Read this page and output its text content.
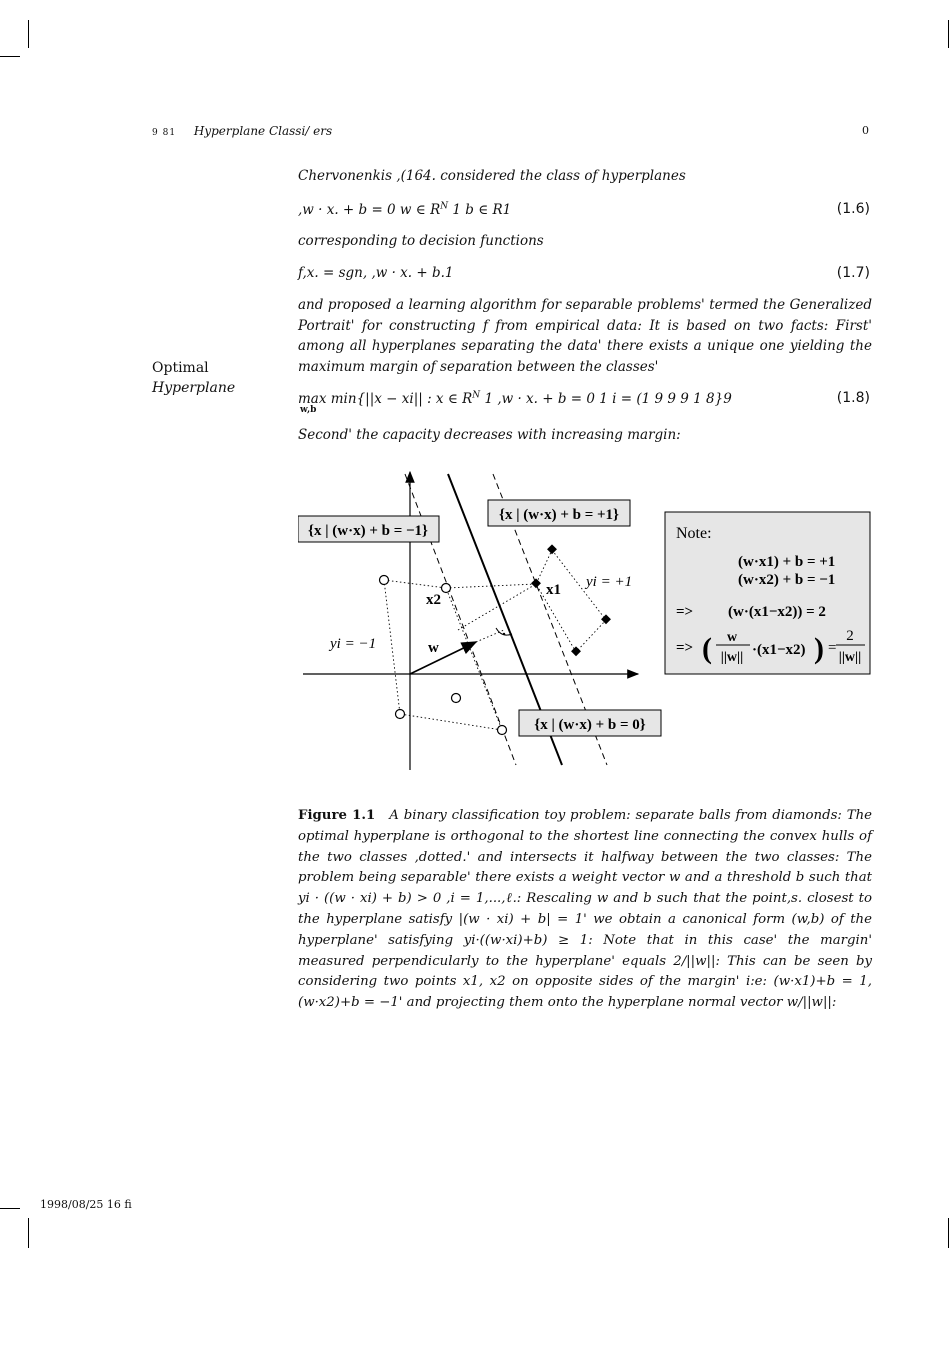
9 81 Hyperplane Classi/ ers	0
Chervonenkis ,(164. considered the class of hyperplanes
,w · x. + b = 0 w ∈ $R^N$ 1 b ∈ R1	(1.6)
corresponding to decision functions
f,x. = sgn, ,w · x. + b.1	(1.7)
and proposed a learning algorithm for separable problems' termed the Generalized Portrait' for constructing f from empirical data: It is based on two facts: First' among all hyperplanes separating the data' there exists a unique one yielding the maximum margin of separation between the classes'
Optimal
Hyperplane
max min{||x − xi|| : x ∈ $R^N$ 1 ,w · x. + b = 0 1 i = (1 9 9 9 1 8}9
w,b
(1.8)
Second' the capacity decreases with increasing margin:
{x | (w·x) + b = −1}
{x | (w·x) + b = +1}
{x | (w·x) + b = 0}
x1
x2
w
yi = +1
yi = −1
Note:
(w·x1) + b = +1
(w·x2) + b = −1
=> (w·(x1−x2)) = 2
=> ( w
||w|| ·(x1−x2) ) =
2
||w||
Figure 1.1 A binary classification toy problem: separate balls from diamonds: The optimal hyperplane is orthogonal to the shortest line connecting the convex hulls of the two classes ,dotted.' and intersects it halfway between the two classes: The problem being separable' there exists a weight vector w and a threshold b such that yi · ((w · xi) + b) > 0 ,i = 1,...,ℓ.: Rescaling w and b such that the point,s. closest to the hyperplane satisfy |(w · xi) + b| = 1' we obtain a canonical form (w,b) of the hyperplane' satisfying yi·((w·xi)+b) ≥ 1: Note that in this case' the margin' measured perpendicularly to the hyperplane' equals 2/||w||: This can be seen by considering two points x1, x2 on opposite sides of the margin' i:e: (w·x1)+b = 1, (w·x2)+b = −1' and projecting them onto the hyperplane normal vector w/||w||:
1998/08/25 16 fi
